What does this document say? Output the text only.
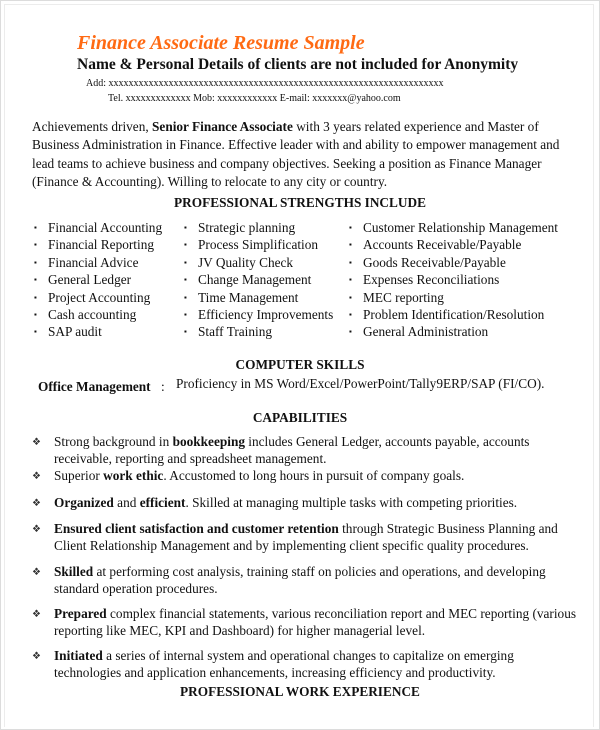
Finance Associate Resume Sample
Name & Personal Details of clients are not included for Anonymity
Add: xxxxxxxxxxxxxxxxxxxxxxxxxxxxxxxxxxxxxxxxxxxxxxxxxxxxxxxxxxxxxxxxxxx
Tel. xxxxxxxxxxxxx Mob: xxxxxxxxxxxx E-mail: xxxxxxx@yahoo.com
Achievements driven, Senior Finance Associate with 3 years related experience and Master of Business Administration in Finance. Effective leader with and ability to empower management and lead teams to achieve business and company objectives. Seeking a position as Finance Manager (Finance & Accounting). Willing to relocate to any city or country.
PROFESSIONAL STRENGTHS INCLUDE
▪ Financial Accounting
▪ Financial Reporting
▪ Financial Advice
▪ General Ledger
▪ Project Accounting
▪ Cash accounting
▪ SAP audit
▪ Strategic planning
▪ Process Simplification
▪ JV Quality Check
▪ Change Management
▪ Time Management
▪ Efficiency Improvements
▪ Staff Training
▪ Customer Relationship Management
▪ Accounts Receivable/Payable
▪ Goods Receivable/Payable
▪ Expenses Reconciliations
▪ MEC reporting
▪ Problem Identification/Resolution
▪ General Administration
COMPUTER SKILLS
Office Management : Proficiency in MS Word/Excel/PowerPoint/Tally9ERP/SAP (FI/CO).
CAPABILITIES
❖ Strong background in bookkeeping includes General Ledger, accounts payable, accounts receivable, reporting and spreadsheet management.
❖ Superior work ethic. Accustomed to long hours in pursuit of company goals.
❖ Organized and efficient. Skilled at managing multiple tasks with competing priorities.
❖ Ensured client satisfaction and customer retention through Strategic Business Planning and Client Relationship Management and by implementing client specific quality procedures.
❖ Skilled at performing cost analysis, training staff on policies and operations, and developing standard operation procedures.
❖ Prepared complex financial statements, various reconciliation report and MEC reporting (various reporting like MEC, KPI and Dashboard) for higher managerial level.
❖ Initiated a series of internal system and operational changes to capitalize on emerging technologies and application enhancements, increasing efficiency and productivity.
PROFESSIONAL WORK EXPERIENCE
